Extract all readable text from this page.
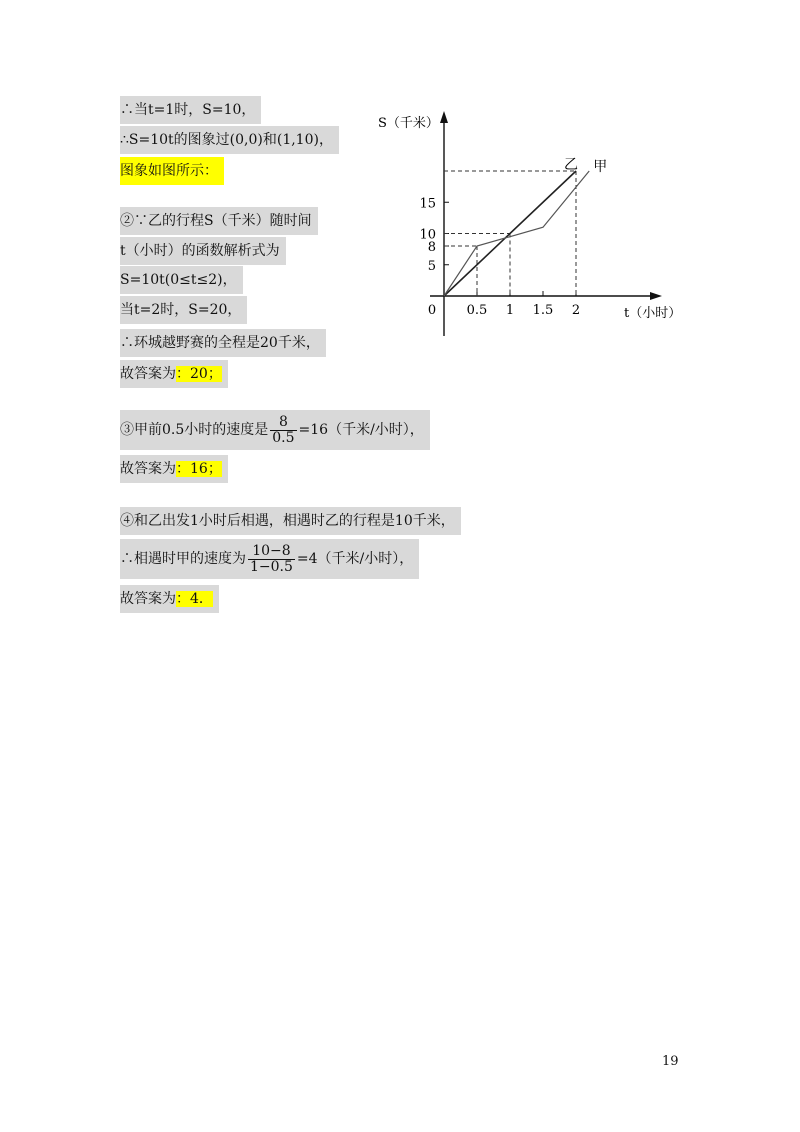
∴当t=1时，S=10，
∴S=10t的图象过(0,0)和(1,10)，
图象如图所示：
②∵乙的行程S（千米）随时间
t（小时）的函数解析式为
S=10t(0≤t≤2)，
当t=2时，S=20，
∴环城越野赛的全程是20千米，
故答案为：20；
③甲前0.5小时的速度是 $\frac{8}{0.5} =16$（千米/小时），
故答案为：16；
④和乙出发1小时后相遇，相遇时乙的行程是10千米，
∴相遇时甲的速度为 $\frac{10-8}{1-0.5} =4$（千米/小时），
故答案为：4．
S（千米）
t（小时）
0 0.5 1 1.5 2
5
8
10
15
乙 甲
19
